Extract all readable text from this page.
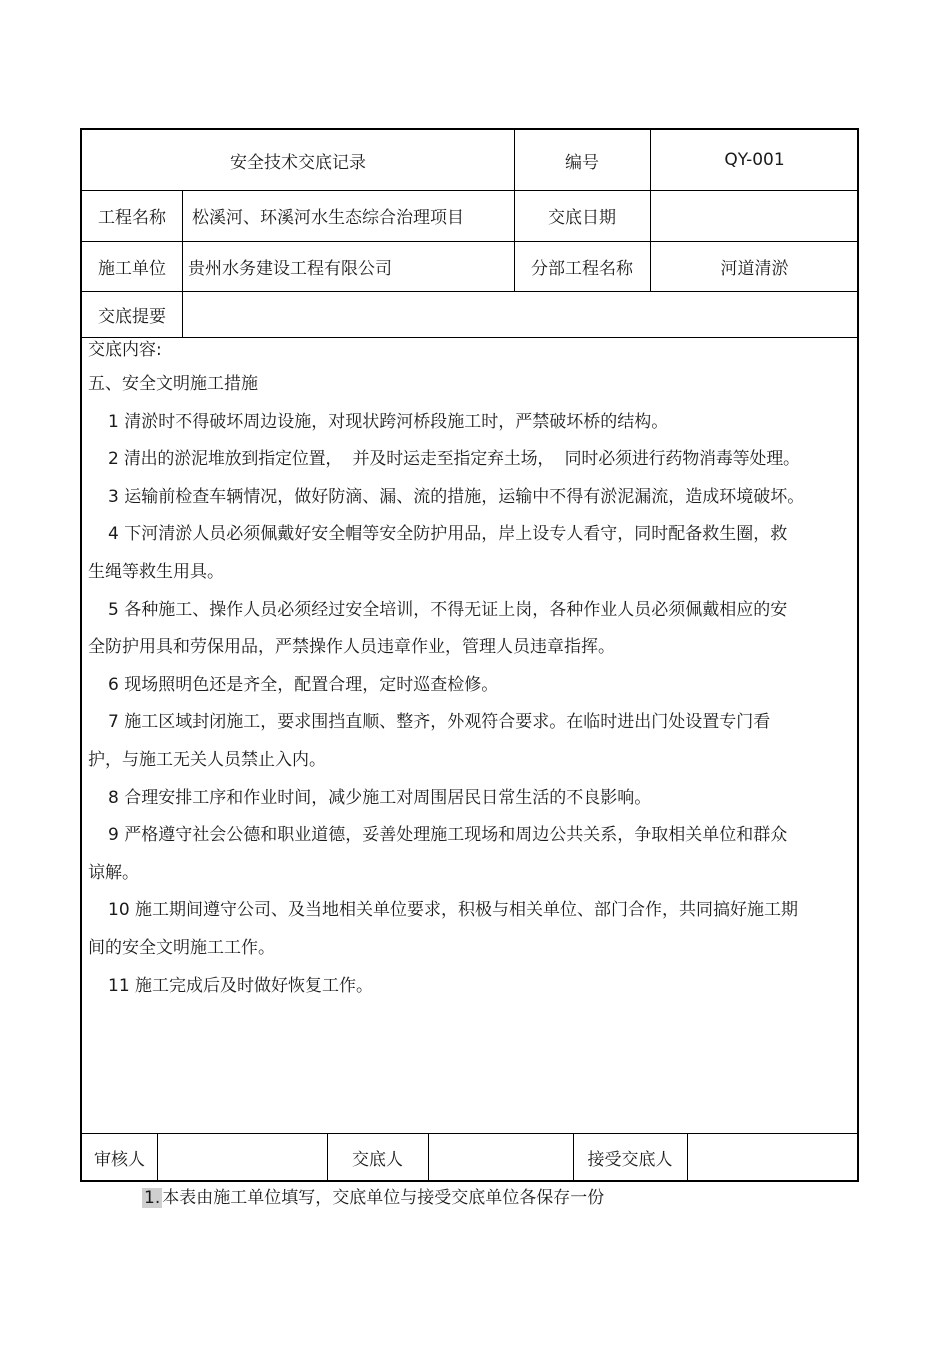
安全技术交底记录	编号	QY-001
工程名称	松溪河、环溪河水生态综合治理项目	交底日期
施工单位	贵州水务建设工程有限公司	分部工程名称	河道清淤
交底提要

交底内容:

五、安全文明施工措施

1 清淤时不得破坏周边设施，对现状跨河桥段施工时，严禁破坏桥的结构。

2 清出的淤泥堆放到指定位置，  并及时运走至指定弃土场，  同时必须进行药物消毒等处理。

3 运输前检查车辆情况，做好防滴、漏、流的措施，运输中不得有淤泥漏流，造成环境破坏。

4 下河清淤人员必须佩戴好安全帽等安全防护用品，岸上设专人看守，同时配备救生圈，救生绳等救生用具。

5 各种施工、操作人员必须经过安全培训，不得无证上岗，各种作业人员必须佩戴相应的安全防护用具和劳保用品，严禁操作人员违章作业，管理人员违章指挥。

6 现场照明色还是齐全，配置合理，定时巡查检修。

7 施工区域封闭施工，要求围挡直顺、整齐，外观符合要求。在临时进出门处设置专门看护，与施工无关人员禁止入内。

8 合理安排工序和作业时间，减少施工对周围居民日常生活的不良影响。

9 严格遵守社会公德和职业道德，妥善处理施工现场和周边公共关系，争取相关单位和群众谅解。

10 施工期间遵守公司、及当地相关单位要求，积极与相关单位、部门合作，共同搞好施工期间的安全文明施工工作。

11 施工完成后及时做好恢复工作。

审核人	交底人	接受交底人
1. 本表由施工单位填写，交底单位与接受交底单位各保存一份
